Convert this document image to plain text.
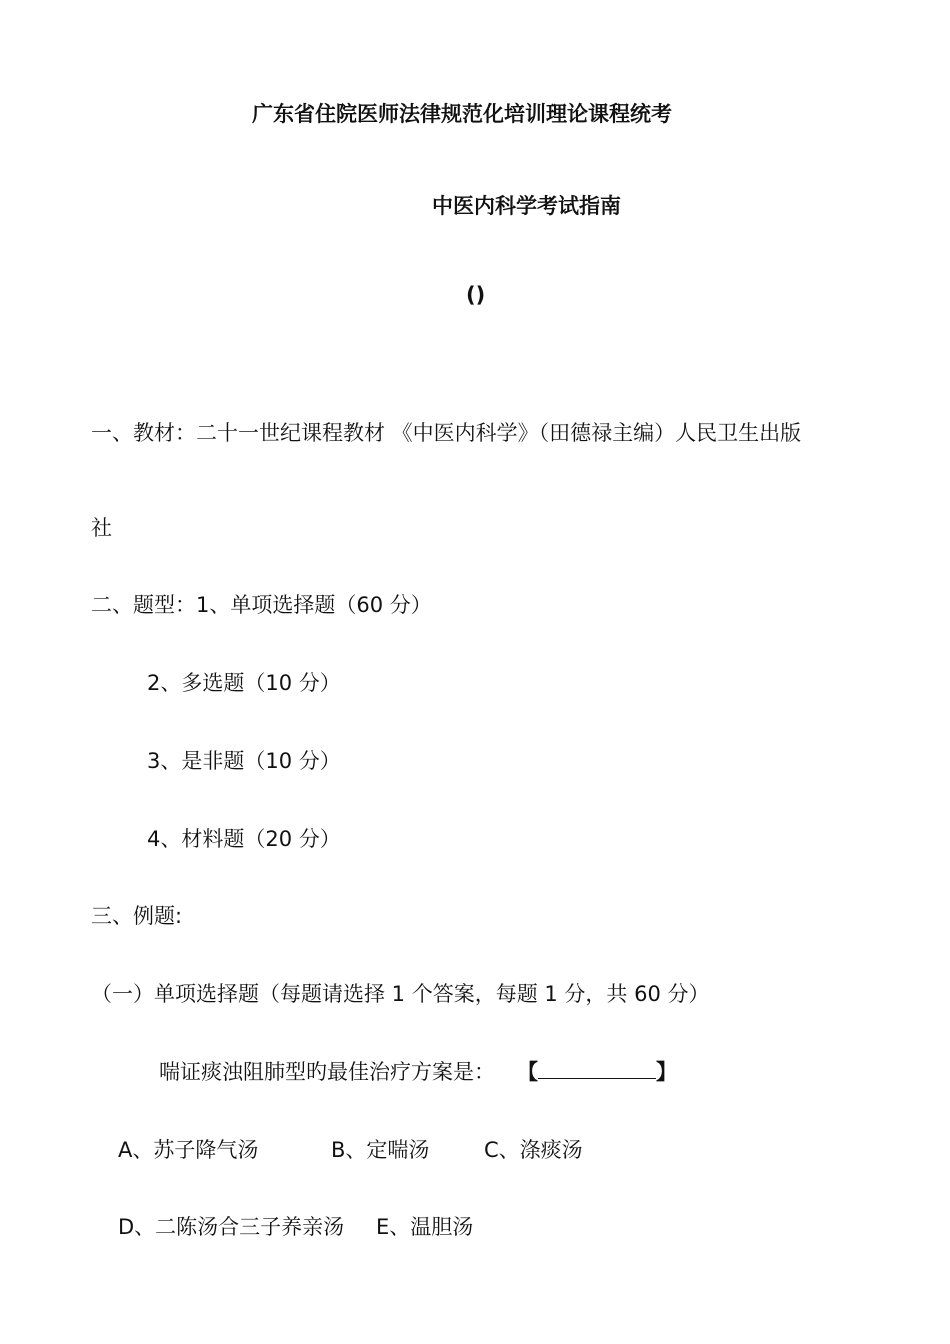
广东省住院医师法律规范化培训理论课程统考
中医内科学考试指南
()
一、教材：二十一世纪课程教材 《中医内科学》（田德禄主编）人民卫生出版
社
二、题型：1、单项选择题（60 分）
2、多选题（10 分）
3、是非题（10 分）
4、材料题（20 分）
三、例题:
（一）单项选择题（每题请选择 1 个答案，每题 1 分，共 60 分）
喘证痰浊阻肺型旳最佳治疗方案是： 【	】
A、苏子降气汤	B、定喘汤	C、涤痰汤
D、二陈汤合三子养亲汤 E、温胆汤
